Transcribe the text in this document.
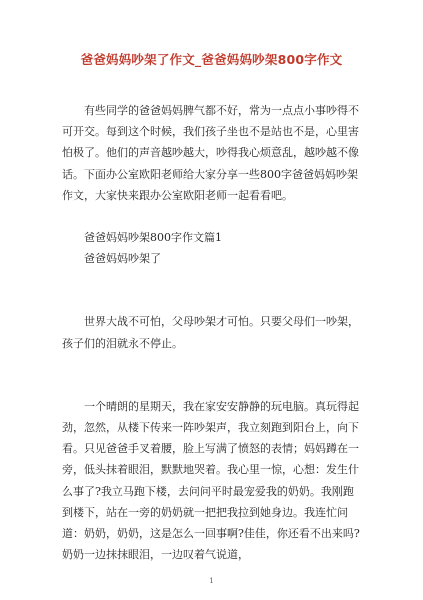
爸爸妈妈吵架了作文_爸爸妈妈吵架800字作文

有些同学的爸爸妈妈脾气都不好，常为一点点小事吵得不可开交。每到这个时候，我们孩子坐也不是站也不是，心里害怕极了。他们的声音越吵越大，吵得我心烦意乱，越吵越不像话。下面办公室欧阳老师给大家分享一些800字爸爸妈妈吵架作文，大家快来跟办公室欧阳老师一起看看吧。

爸爸妈妈吵架800字作文篇1

爸爸妈妈吵架了

世界大战不可怕，父母吵架才可怕。只要父母们一吵架，孩子们的泪就永不停止。

一个晴朗的星期天，我在家安安静静的玩电脑。真玩得起劲，忽然，从楼下传来一阵吵架声，我立刻跑到阳台上，向下看。只见爸爸手叉着腰，脸上写满了愤怒的表情；妈妈蹲在一旁，低头抹着眼泪，默默地哭着。我心里一惊，心想：发生什么事了?我立马跑下楼，去问问平时最宠爱我的奶奶。我刚跑到楼下，站在一旁的奶奶就一把把我拉到她身边。我连忙问道：奶奶，奶奶，这是怎么一回事啊?佳佳，你还看不出来吗?奶奶一边抹抹眼泪，一边叹着气说道，

1
